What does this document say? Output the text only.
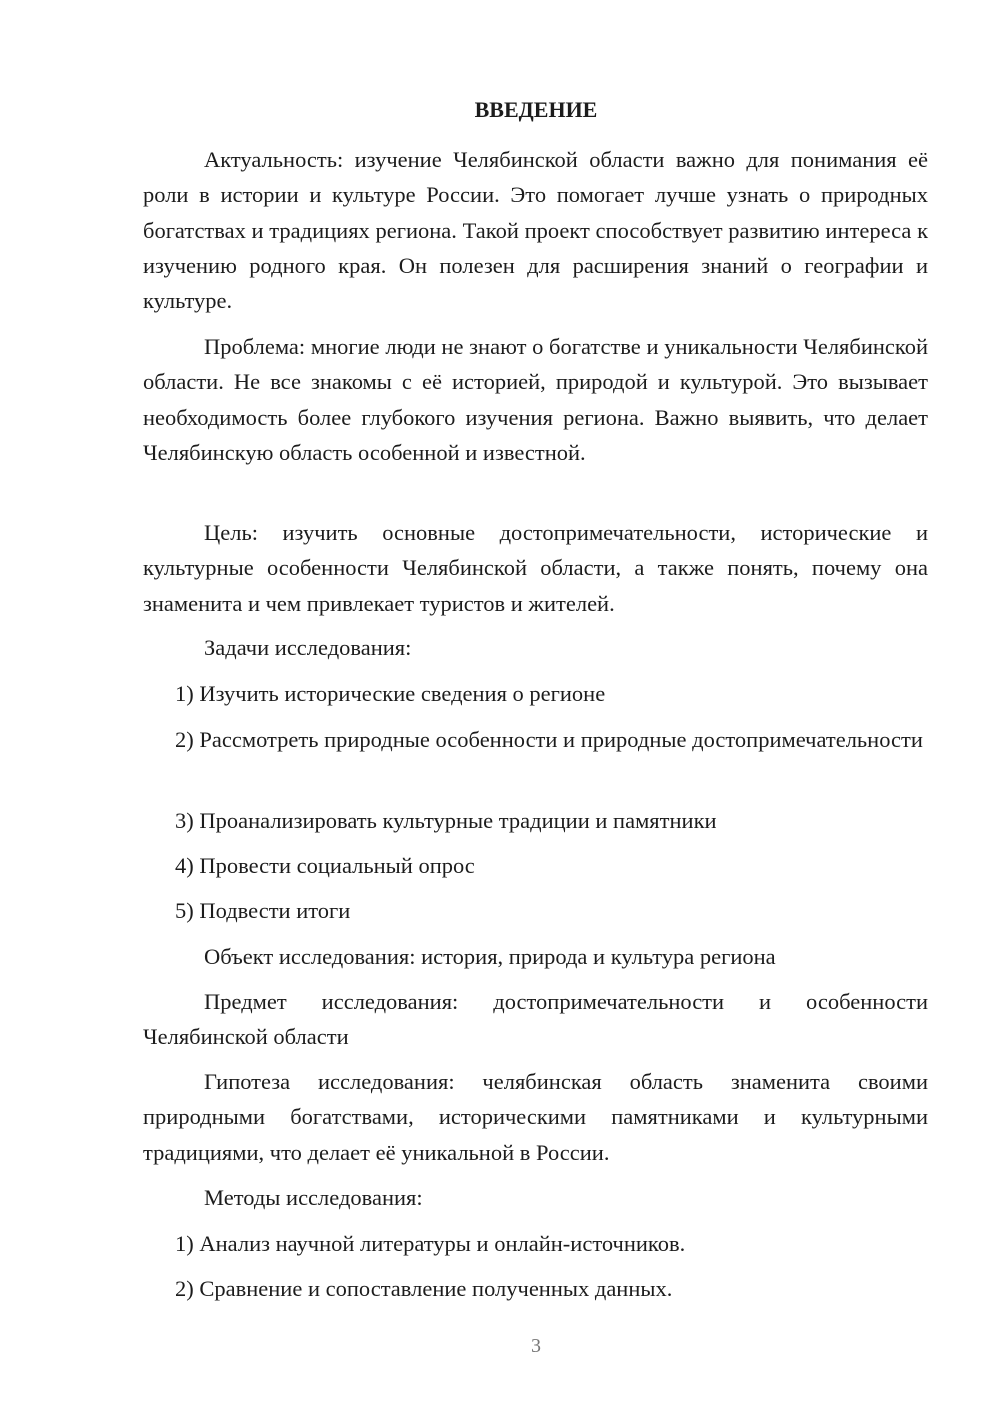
ВВЕДЕНИЕ

Актуальность: изучение Челябинской области важно для понимания её роли в истории и культуре России. Это помогает лучше узнать о природных богатствах и традициях региона. Такой проект способствует развитию интереса к изучению родного края. Он полезен для расширения знаний о географии и культуре.

Проблема: многие люди не знают о богатстве и уникальности Челябинской области. Не все знакомы с её историей, природой и культурой. Это вызывает необходимость более глубокого изучения региона. Важно выявить, что делает Челябинскую область особенной и известной.

Цель: изучить основные достопримечательности, исторические и культурные особенности Челябинской области, а также понять, почему она знаменита и чем привлекает туристов и жителей.

Задачи исследования:

1) Изучить исторические сведения о регионе

2) Рассмотреть природные особенности и природные достопримечательности

3) Проанализировать культурные традиции и памятники

4) Провести социальный опрос

5) Подвести итоги

Объект исследования: история, природа и культура региона

Предмет исследования: достопримечательности и особенности Челябинской области

Гипотеза исследования: челябинская область знаменита своими природными богатствами, историческими памятниками и культурными традициями, что делает её уникальной в России.

Методы исследования:

1) Анализ научной литературы и онлайн-источников.

2) Сравнение и сопоставление полученных данных.

3
